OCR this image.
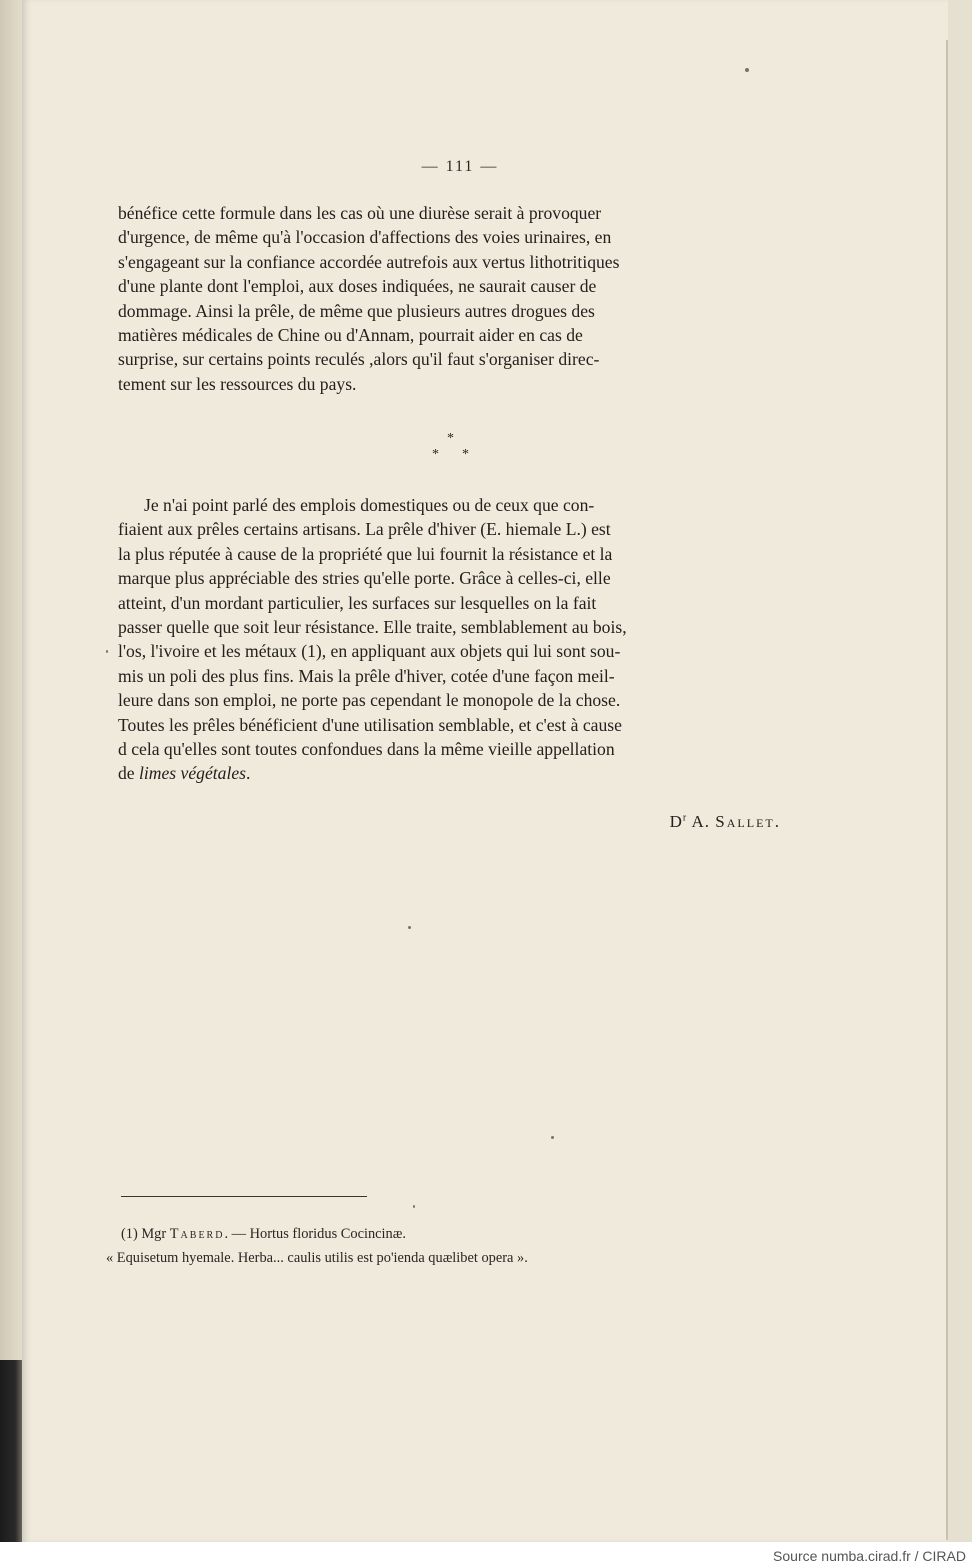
— 111 —

bénéfice cette formule dans les cas où une diurèse serait à provoquer
d'urgence, de même qu'à l'occasion d'affections des voies urinaires, en
s'engageant sur la confiance accordée autrefois aux vertus lithotritiques
d'une plante dont l'emploi, aux doses indiquées, ne saurait causer de
dommage. Ainsi la prêle, de même que plusieurs autres drogues des
matières médicales de Chine ou d'Annam, pourrait aider en cas de
surprise, sur certains points reculés ,alors qu'il faut s'organiser direc-
tement sur les ressources du pays.

*
* *

Je n'ai point parlé des emplois domestiques ou de ceux que con-
fiaient aux prêles certains artisans. La prêle d'hiver (E. hiemale L.) est
la plus réputée à cause de la propriété que lui fournit la résistance et la
marque plus appréciable des stries qu'elle porte. Grâce à celles-ci, elle
atteint, d'un mordant particulier, les surfaces sur lesquelles on la fait
passer quelle que soit leur résistance. Elle traite, semblablement au bois,
l'os, l'ivoire et les métaux (1), en appliquant aux objets qui lui sont sou-
mis un poli des plus fins. Mais la prêle d'hiver, cotée d'une façon meil-
leure dans son emploi, ne porte pas cependant le monopole de la chose.
Toutes les prêles bénéficient d'une utilisation semblable, et c'est à cause
d cela qu'elles sont toutes confondues dans la même vieille appellation
de limes végétales.

$D^r$ A. Sallet.

(1) Mgr Taberd. — Hortus floridus Cocincinæ.

« Equisetum hyemale. Herba... caulis utilis est po'ienda quælibet opera ».

Source numba.cirad.fr / CIRAD
